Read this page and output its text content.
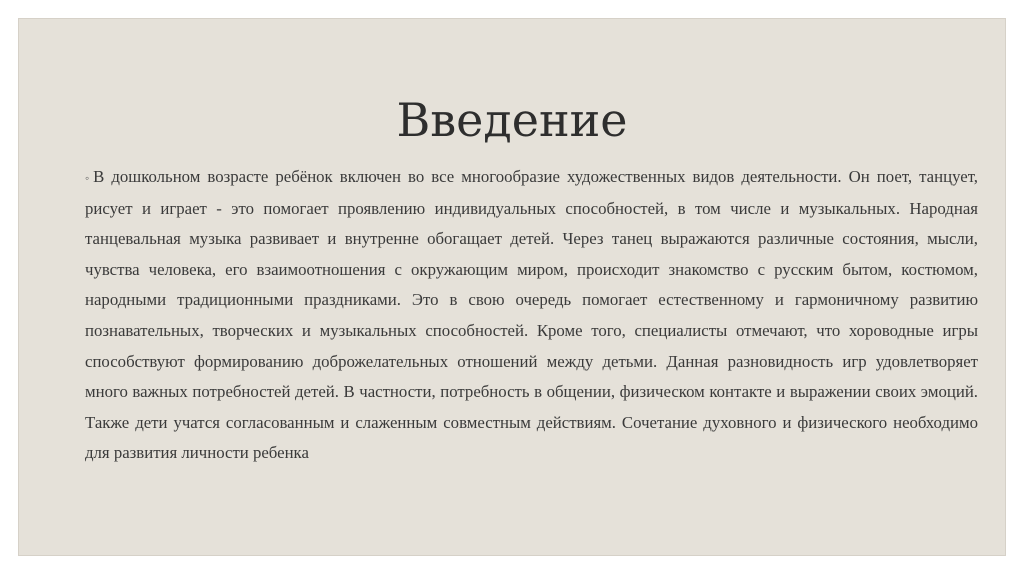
Введение

◦В дошкольном возрасте ребёнок включен во все многообразие художественных видов деятельности. Он поет, танцует, рисует и играет - это помогает проявлению индивидуальных способностей, в том числе и музыкальных. Народная танцевальная музыка развивает и внутренне обогащает детей. Через танец выражаются различные состояния, мысли, чувства человека, его взаимоотношения с окружающим миром, происходит знакомство с русским бытом, костюмом, народными традиционными праздниками. Это в свою очередь помогает естественному и гармоничному развитию познавательных, творческих и музыкальных способностей. Кроме того, специалисты отмечают, что хороводные игры способствуют формированию доброжелательных отношений между детьми. Данная разновидность игр удовлетворяет много важных потребностей детей. В частности, потребность в общении, физическом контакте и выражении своих эмоций. Также дети учатся согласованным и слаженным совместным действиям. Сочетание духовного и физического необходимо для развития личности ребенка
